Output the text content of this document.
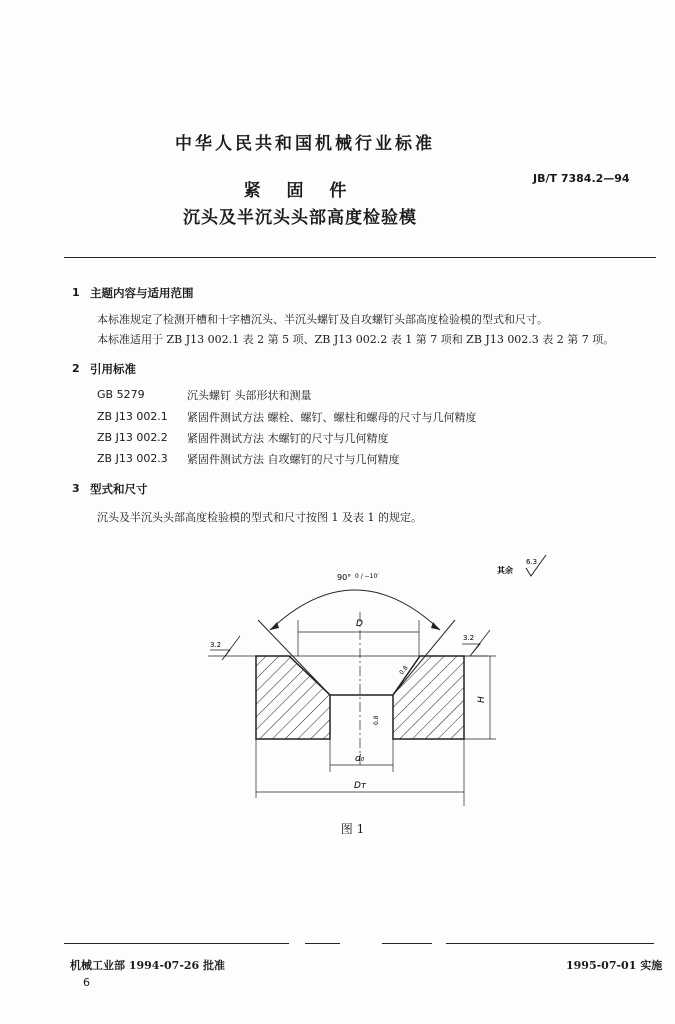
中华人民共和国机械行业标准
紧 固 件
沉头及半沉头头部高度检验模
JB/T 7384.2—94
1 主题内容与适用范围
本标准规定了检测开槽和十字槽沉头、半沉头螺钉及自攻螺钉头部高度检验模的型式和尺寸。
本标准适用于 ZB J13 002.1 表 2 第 5 项、ZB J13 002.2 表 1 第 7 项和 ZB J13 002.3 表 2 第 7 项。
2 引用标准
GB 5279	沉头螺钉 头部形状和测量
ZB J13 002.1 紧固件测试方法 螺栓、螺钉、螺柱和螺母的尺寸与几何精度
ZB J13 002.2 紧固件测试方法 木螺钉的尺寸与几何精度
ZB J13 002.3 紧固件测试方法 自攻螺钉的尺寸与几何精度
3 型式和尺寸
沉头及半沉头头部高度检验模的型式和尺寸按图 1 及表 1 的规定。
其余
6.3
90° 0 / −10′
D
H
d₀
Dᴛ
3.2
3.2
0.8
0.8
图 1
机械工业部 1994-07-26 批准	1995-07-01 实施
6
